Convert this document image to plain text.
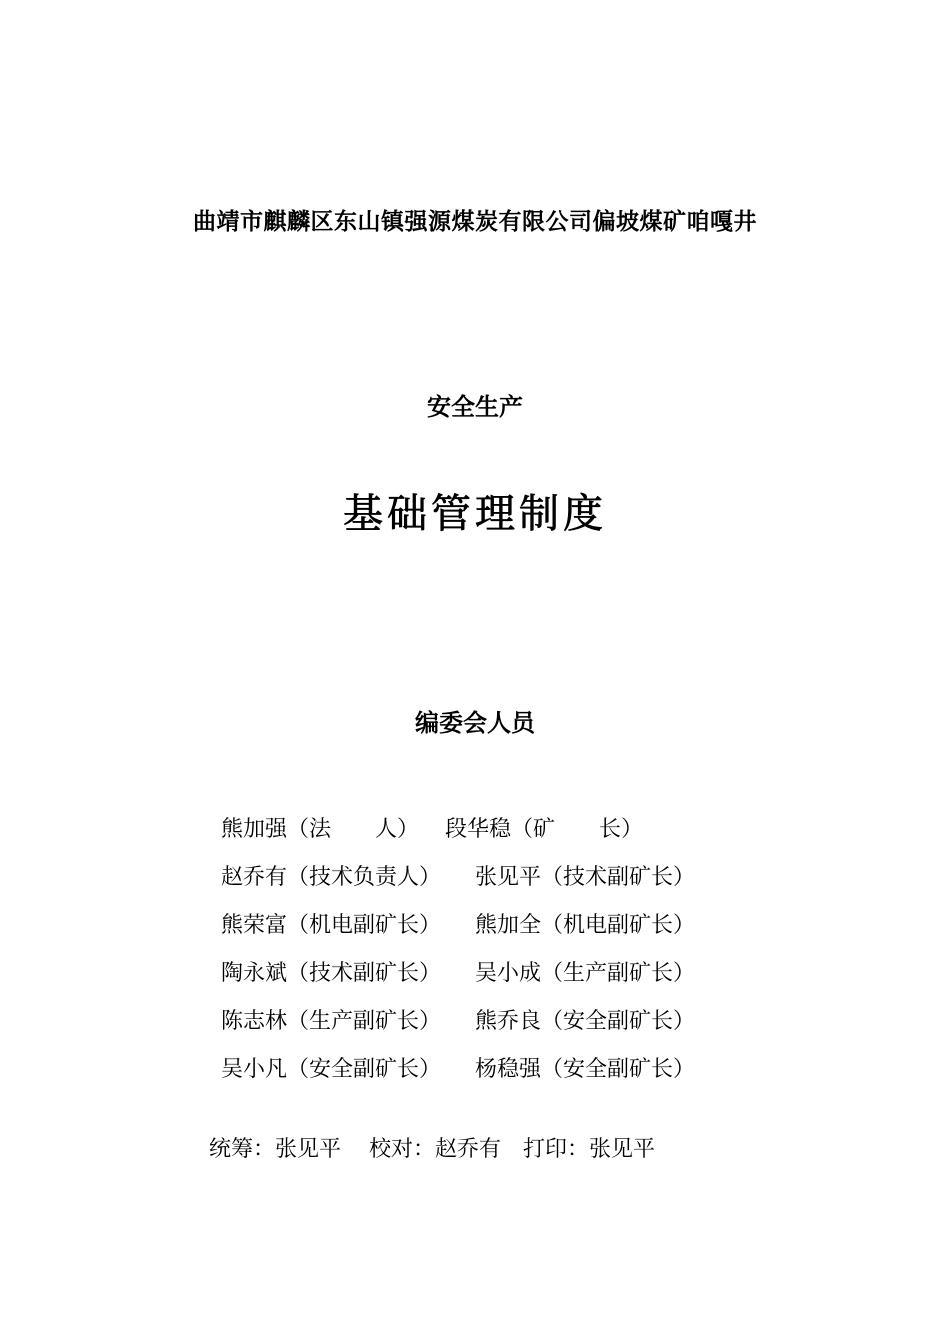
曲靖市麒麟区东山镇强源煤炭有限公司偏坡煤矿咱嘎井
安全生产
基础管理制度
编委会人员
熊加强（法 人） 段华稳（矿 长）
赵乔有（技术负责人） 张见平（技术副矿长）
熊荣富（机电副矿长） 熊加全（机电副矿长）
陶永斌（技术副矿长） 吴小成（生产副矿长）
陈志林（生产副矿长） 熊乔良（安全副矿长）
吴小凡（安全副矿长） 杨稳强（安全副矿长）
统筹：张见平 校对：赵乔有 打印：张见平
